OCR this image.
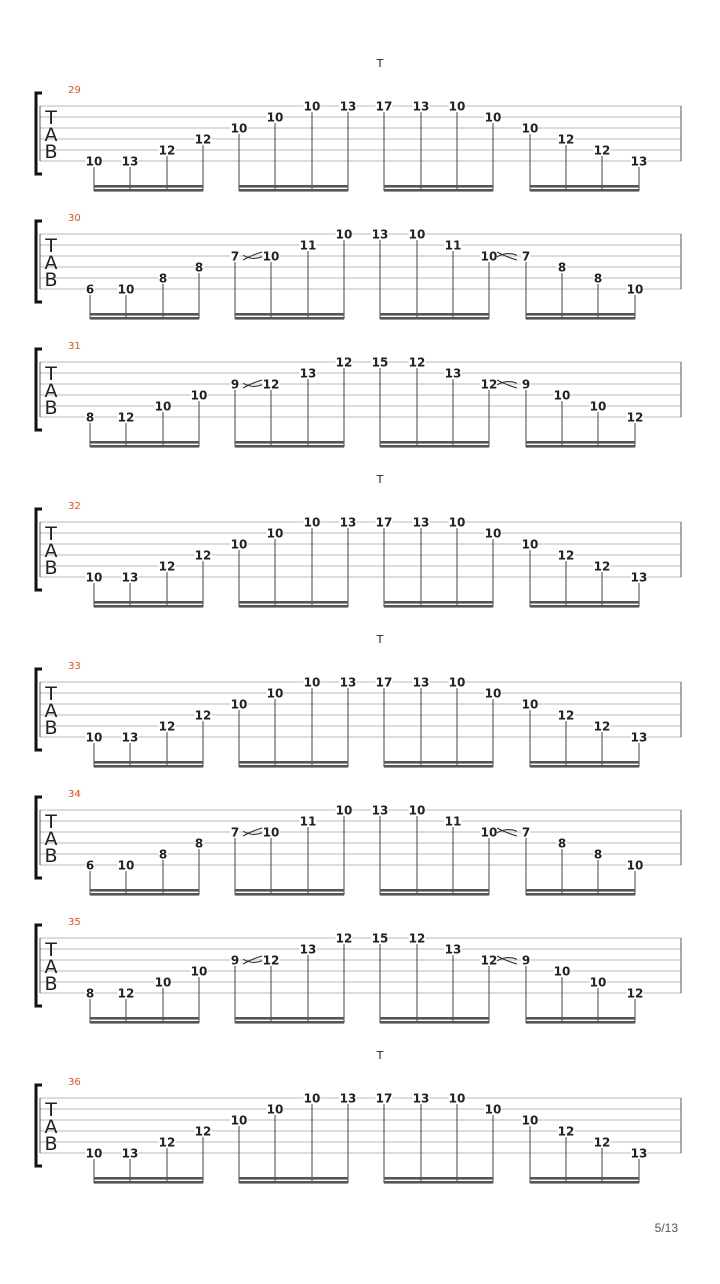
T
29
T
A
B 10 13
12
12
10
10
10 13 17 13 10
10
10
12
12
13
30
T
A
B 6 10
8
8
7 10
11
10 13 10
11
10 7
8
8
10
31
T
A
B 8 12
10
10
9 12
13
12 15 12
13
12 9
10
10
12
T
32
T
A
B 10 13
12
12
10
10
10 13 17 13 10
10
10
12
12
13
T
33
T
A
B 10 13
12
12
10
10
10 13 17 13 10
10
10
12
12
13
34
T
A
B 6 10
8
8
7 10
11
10 13 10
11
10 7
8
8
10
35
T
A
B 8 12
10
10
9 12
13
12 15 12
13
12 9
10
10
12
T
36
T
A
B 10 13
12
12
10
10
10 13 17 13 10
10
10
12
12
13
5/13
